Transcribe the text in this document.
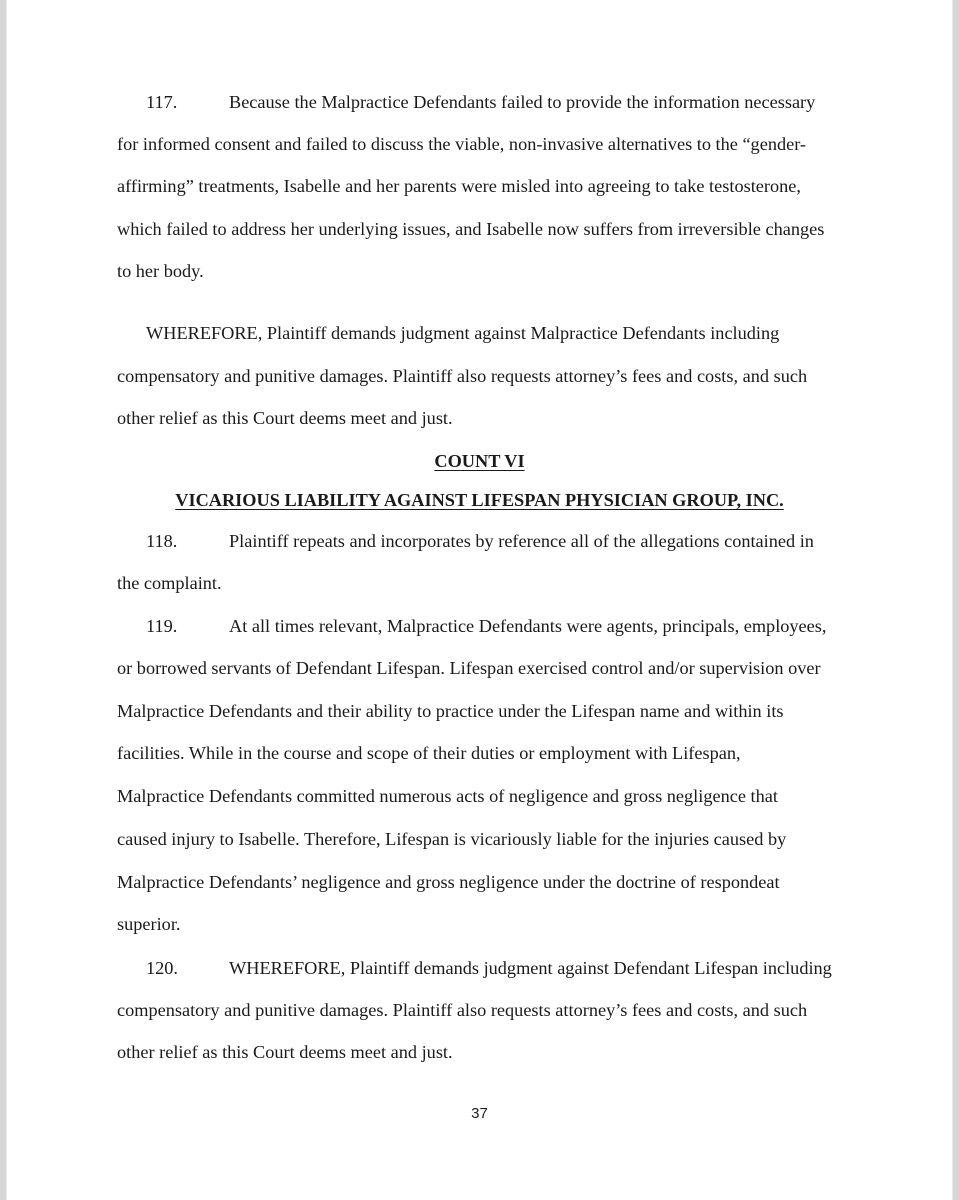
117.	Because the Malpractice Defendants failed to provide the information necessary
for informed consent and failed to discuss the viable, non-invasive alternatives to the “gender-
affirming” treatments, Isabelle and her parents were misled into agreeing to take testosterone,
which failed to address her underlying issues, and Isabelle now suffers from irreversible changes
to her body.
WHEREFORE, Plaintiff demands judgment against Malpractice Defendants including
compensatory and punitive damages. Plaintiff also requests attorney’s fees and costs, and such
other relief as this Court deems meet and just.
COUNT VI
VICARIOUS LIABILITY AGAINST LIFESPAN PHYSICIAN GROUP, INC.
118.	Plaintiff repeats and incorporates by reference all of the allegations contained in
the complaint.
119.	At all times relevant, Malpractice Defendants were agents, principals, employees,
or borrowed servants of Defendant Lifespan. Lifespan exercised control and/or supervision over
Malpractice Defendants and their ability to practice under the Lifespan name and within its
facilities. While in the course and scope of their duties or employment with Lifespan,
Malpractice Defendants committed numerous acts of negligence and gross negligence that
caused injury to Isabelle. Therefore, Lifespan is vicariously liable for the injuries caused by
Malpractice Defendants’ negligence and gross negligence under the doctrine of respondeat
superior.
120.	WHEREFORE, Plaintiff demands judgment against Defendant Lifespan including
compensatory and punitive damages. Plaintiff also requests attorney’s fees and costs, and such
other relief as this Court deems meet and just.
37
